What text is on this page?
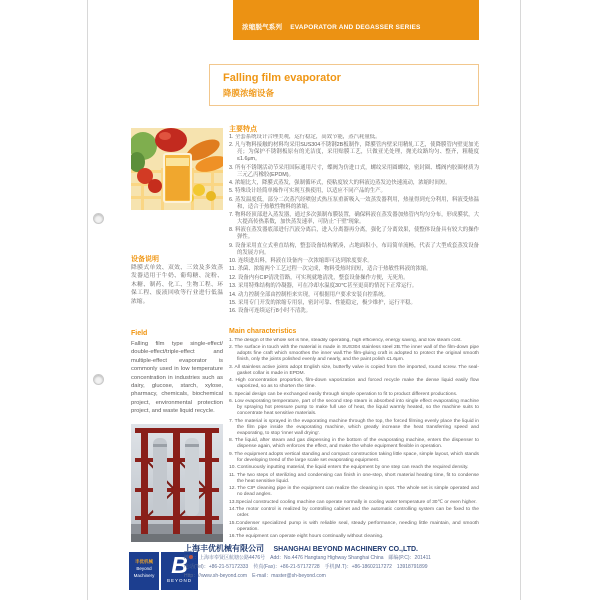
浓缩脱气系列 EVAPORATOR AND DEGASSER SERIES
Falling film evaporator
降膜浓缩设备
设备说明

降膜式单效、双效、三效及多效蒸发器适用于牛奶、葡萄糖、淀粉、木糖、制药、化工、生物工程、环保工程、废液回收等行业进行低温浓缩。

Field

Falling film type single-effect/ double-effect/triple-effect and multiple-effect evaporator is commonly used in low temperature concentration in industries such as dairy, glucose, starch, xylose, pharmacy, chemicals, biochemical project, environmental protection project, and waste liquid recycle.

主要特点
1. 全套系统设计合理美观，运行稳定，高效节能，蒸汽耗量低。
2. 凡与物料接触的材料均采用SUS304不锈钢2B板制作，降膜管内壁采用精轧工艺，使降膜管内壁更加光亮；为保护不锈钢板原有的光洁度，采用贴膜工艺，只做亚光处理，抛光纹路均匀、整齐，粗糙度≤1.6μm。
3. 所有不锈钢活动节采用国际通用尺寸，蝶阀为仿进口式，螺纹采用圆螺纹，密封圈、蝶阀内胶圈材质为三元乙丙橡胶(EPDM)。
4. 浓缩比大，降膜式蒸发，强制循环式，使粘度较大的料液边蒸发边快速流动，浓缩时间短。
5. 特殊设计经简单操作可实现互换使用，以适应不同产品的生产。
6. 蒸发温度低，部分二次蒸汽经喷射式热压泵重新吸入一效蒸发器利用，热量得到充分利用，料液受热温和，适合于热敏性物料的浓缩。
7. 物料经顶部进入蒸发器，通过多次强制布膜装置，确保料液在蒸发器加热管内均匀分布，形成膜状，大大提高传热系数，加快蒸发速率，可防止“干壁”现象。
8. 料液在蒸发器底部进行汽液分离后，进入分离器再分离，强化了分离效果，使整体设备具有较大的操作弹性。
9. 设备采用直立式垂直结构，整套设备结构紧凑，占地面积小，布局简单流畅，代表了大型成套蒸发设备的发展方向。
10. 连续进出料，料液在设备内一次浓缩即可达到浓度要求。
11. 杀菌、浓缩两个工艺过程一次完成，物料受热时间短，适合于热敏性料液的浓缩。
12. 设备内有CIP清洗管路，可实现就地清洗，整套设备操作方便，无死角。
13. 采用特殊结构的冷凝器，可在冷却水温度30℃甚至更高的情况下正常运行。
14. 动力控制全部由控制柜来实现，可根据用户要求安装自控系统。
15. 采用专门开发的浓缩专用泵，密封可靠、性能稳定，极少维护，运行平稳。
16. 设备可连续运行8小时不清洗。
Main characteristics
1. The design of the whole set is fine, steadily operating, high efficiency, energy saving, and low steam cost.
2. The surface in touch with the material is made in SUS304 stainless steel 2B.The inner wall of the film-down pipe adopts fine craft which smoothes the inner wall.The film-gluing craft is adopted to protect the original smooth finish, only the joints polished evenly and nearly, and the paint polish ≤1.6μm.
3. All stainless active joints adopt English size, butterfly valve is copied from the imported, round screw. The seal-gasket collar is made in EPDM.
4. High concentration proportion, film-down vaporization and forced recycle make the dense liquid easily flow vaporized, so as to shorten the time.
5. Special design can be exchanged easily through simple operation to fit to product different productions.
6. Low evaporating temperature, part of the second step steam is absorbed into single effect evaporating machine by spraying hot pressure pump to make full use of heat, the liquid warmly heated, so the machine suits to concentrate heat sensitive materials.
7. The material is sprayed in the evaporating machine through the top, the forced filming evenly place the liquid in the film pipe inside the evaporating machine, which greatly increase the heat transferring speed and evaporating, to stop 'inner wall drying'.
8. The liquid, after steam and gas dispensing in the bottom of the evaporating machine, enters the dispenser to dispense again, which enforces the effect, and make the whole equipment flexible in operation.
9. The equipment adopts vertical standing and compact construction taking little space, simple layout, which stands for developing trend of the large scale set evaporating equipment.
10. Continuously inputting material, the liquid enters the equipment by one step can reach the required density.
11. The two steps of sterilizing and condensing can finish in one-step, short material heating time, fit to condense the heat sensitive liquid.
12. The CIP cleaning pipe in the equipment can realize the cleaning in spot. The whole set is simple operated and no dead angles.
13.Special constructed cooling machine can operate normally in cooling water temperature of 30℃ or even higher.
14.The motor control is realized by controlling cabinet and the automatic controlling system can be fixed to the order.
15.Condenser specialized pump is with reliable seal, steady performance, needing little maintain, and smooth operation.
16.The equipment can operate eight hours continually without cleaning.
丰优机械
Beyond
Machinery B
BEYOND
上海丰优机械有限公司 SHANGHAI BEYOND MACHINERY CO.,LTD.
地址：上海市奉贤区航塘公路4476号　Add：No.4476 Hangtang Highway Shanghai China　邮编(P.C)：201411
电话(Tel)：+86-21-57172333　传真(Fax)：+86-21-57172728　手机(M.T)：+86-18602117272　13918791899
Http：//www.sh-beyond.com　E-mail：master@sh-beyond.com
